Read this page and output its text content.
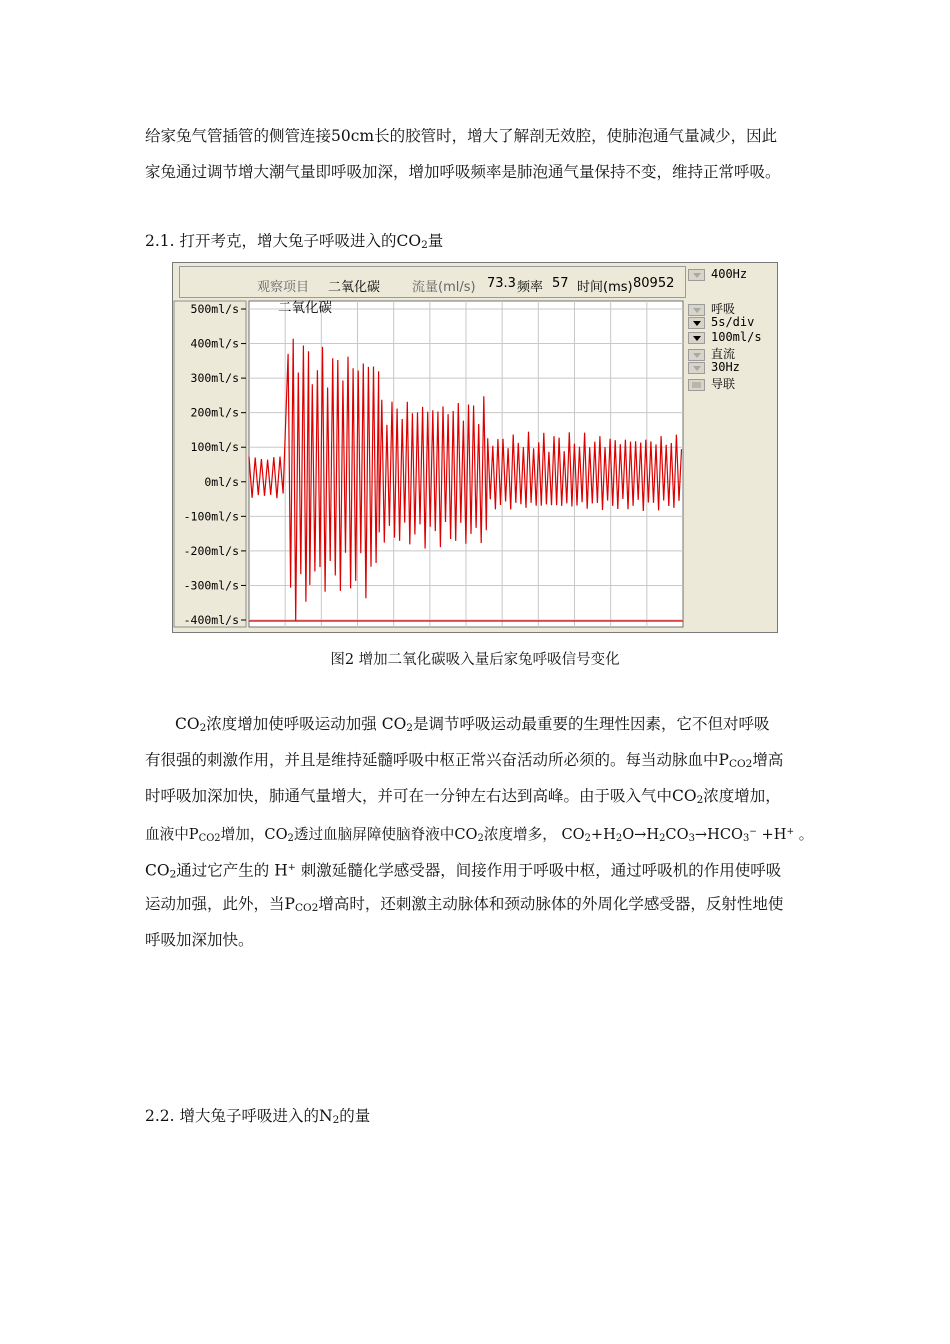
给家兔气管插管的侧管连接50cm长的胶管时，增大了解剖无效腔，使肺泡通气量减少，因此
家兔通过调节增大潮气量即呼吸加深，增加呼吸频率是肺泡通气量保持不变，维持正常呼吸。
2.1. 打开考克，增大兔子呼吸进入的$CO_2$量
观察项目 二氧化碳 流量(ml/s) 73.3 频率 57 时间(ms) 80952
400Hz
呼吸
5s/div
100ml/s
直流
30Hz
导联
500ml/s
400ml/s
300ml/s
200ml/s
100ml/s
0ml/s
-100ml/s
-200ml/s
-300ml/s
-400ml/s
二氧化碳
图2 增加二氧化碳吸入量后家兔呼吸信号变化
$CO_2$浓度增加使呼吸运动加强 $CO_2$是调节呼吸运动最重要的生理性因素，它不但对呼吸
有很强的刺激作用，并且是维持延髓呼吸中枢正常兴奋活动所必须的。每当动脉血中$P_{CO2}$增高
时呼吸加深加快，肺通气量增大，并可在一分钟左右达到高峰。由于吸入气中$CO_2$浓度增加，
血液中PCO2增加，CO2透过血脑屏障使脑脊液中CO2浓度增多， CO2+H2O→H2CO3→HCO3− +H+ 。
$CO_2$通过它产生的 H+ 刺激延髓化学感受器，间接作用于呼吸中枢，通过呼吸机的作用使呼吸
运动加强，此外，当$P_{CO2}$增高时，还刺激主动脉体和颈动脉体的外周化学感受器，反射性地使
呼吸加深加快。
2.2. 增大兔子呼吸进入的$N_2$的量
